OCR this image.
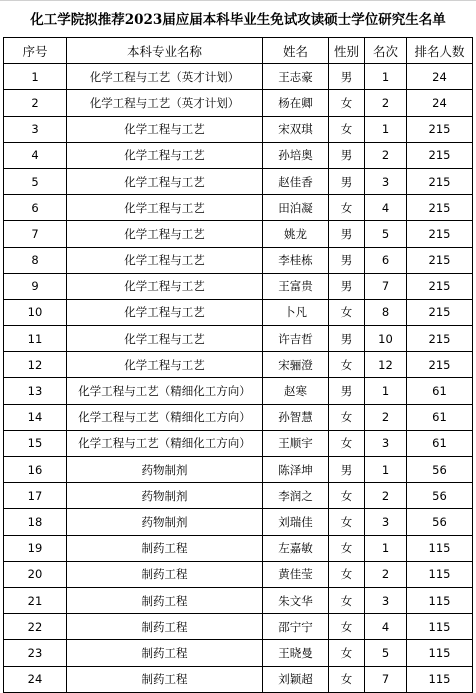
化工学院拟推荐2023届应届本科毕业生免试攻读硕士学位研究生名单
序号	本科专业名称	姓名	性别	名次	排名人数
1	化学工程与工艺（英才计划）	王志豪	男	1	24
2	化学工程与工艺（英才计划）	杨在卿	女	2	24
3	化学工程与工艺	宋双琪	女	1	215
4	化学工程与工艺	孙培奥	男	2	215
5	化学工程与工艺	赵佳香	男	3	215
6	化学工程与工艺	田泊凝	女	4	215
7	化学工程与工艺	姚龙	男	5	215
8	化学工程与工艺	李桂栋	男	6	215
9	化学工程与工艺	王富贵	男	7	215
10	化学工程与工艺	卜凡	女	8	215
11	化学工程与工艺	许吉哲	男	10	215
12	化学工程与工艺	宋骊澄	女	12	215
13	化学工程与工艺（精细化工方向）	赵寒	男	1	61
14	化学工程与工艺（精细化工方向）	孙智慧	女	2	61
15	化学工程与工艺（精细化工方向）	王顺宇	女	3	61
16	药物制剂	陈泽坤	男	1	56
17	药物制剂	李润之	女	2	56
18	药物制剂	刘瑞佳	女	3	56
19	制药工程	左嘉敏	女	1	115
20	制药工程	黄佳莹	女	2	115
21	制药工程	朱文华	女	3	115
22	制药工程	邵宁宁	女	4	115
23	制药工程	王晓曼	女	5	115
24	制药工程	刘颖超	女	7	115
